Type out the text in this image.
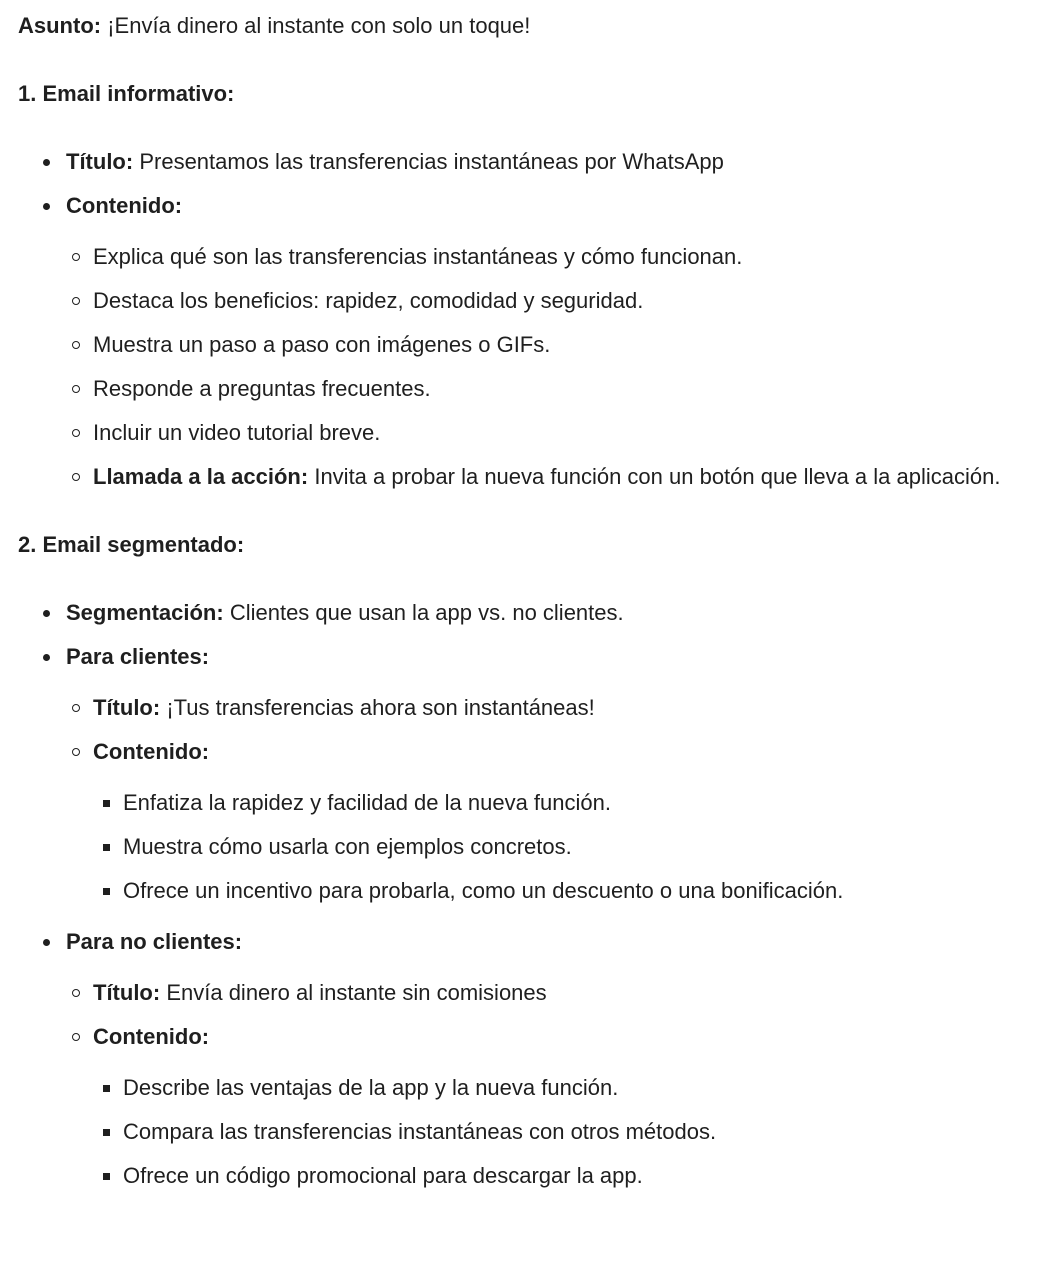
Asunto: ¡Envía dinero al instante con solo un toque!

1. Email informativo:

Título: Presentamos las transferencias instantáneas por WhatsApp
Contenido:
Explica qué son las transferencias instantáneas y cómo funcionan.
Destaca los beneficios: rapidez, comodidad y seguridad.
Muestra un paso a paso con imágenes o GIFs.
Responde a preguntas frecuentes.
Incluir un video tutorial breve.
Llamada a la acción: Invita a probar la nueva función con un botón que lleva a la aplicación.

2. Email segmentado:

Segmentación: Clientes que usan la app vs. no clientes.
Para clientes:
Título: ¡Tus transferencias ahora son instantáneas!
Contenido:
Enfatiza la rapidez y facilidad de la nueva función.
Muestra cómo usarla con ejemplos concretos.
Ofrece un incentivo para probarla, como un descuento o una bonificación.
Para no clientes:
Título: Envía dinero al instante sin comisiones
Contenido:
Describe las ventajas de la app y la nueva función.
Compara las transferencias instantáneas con otros métodos.
Ofrece un código promocional para descargar la app.
